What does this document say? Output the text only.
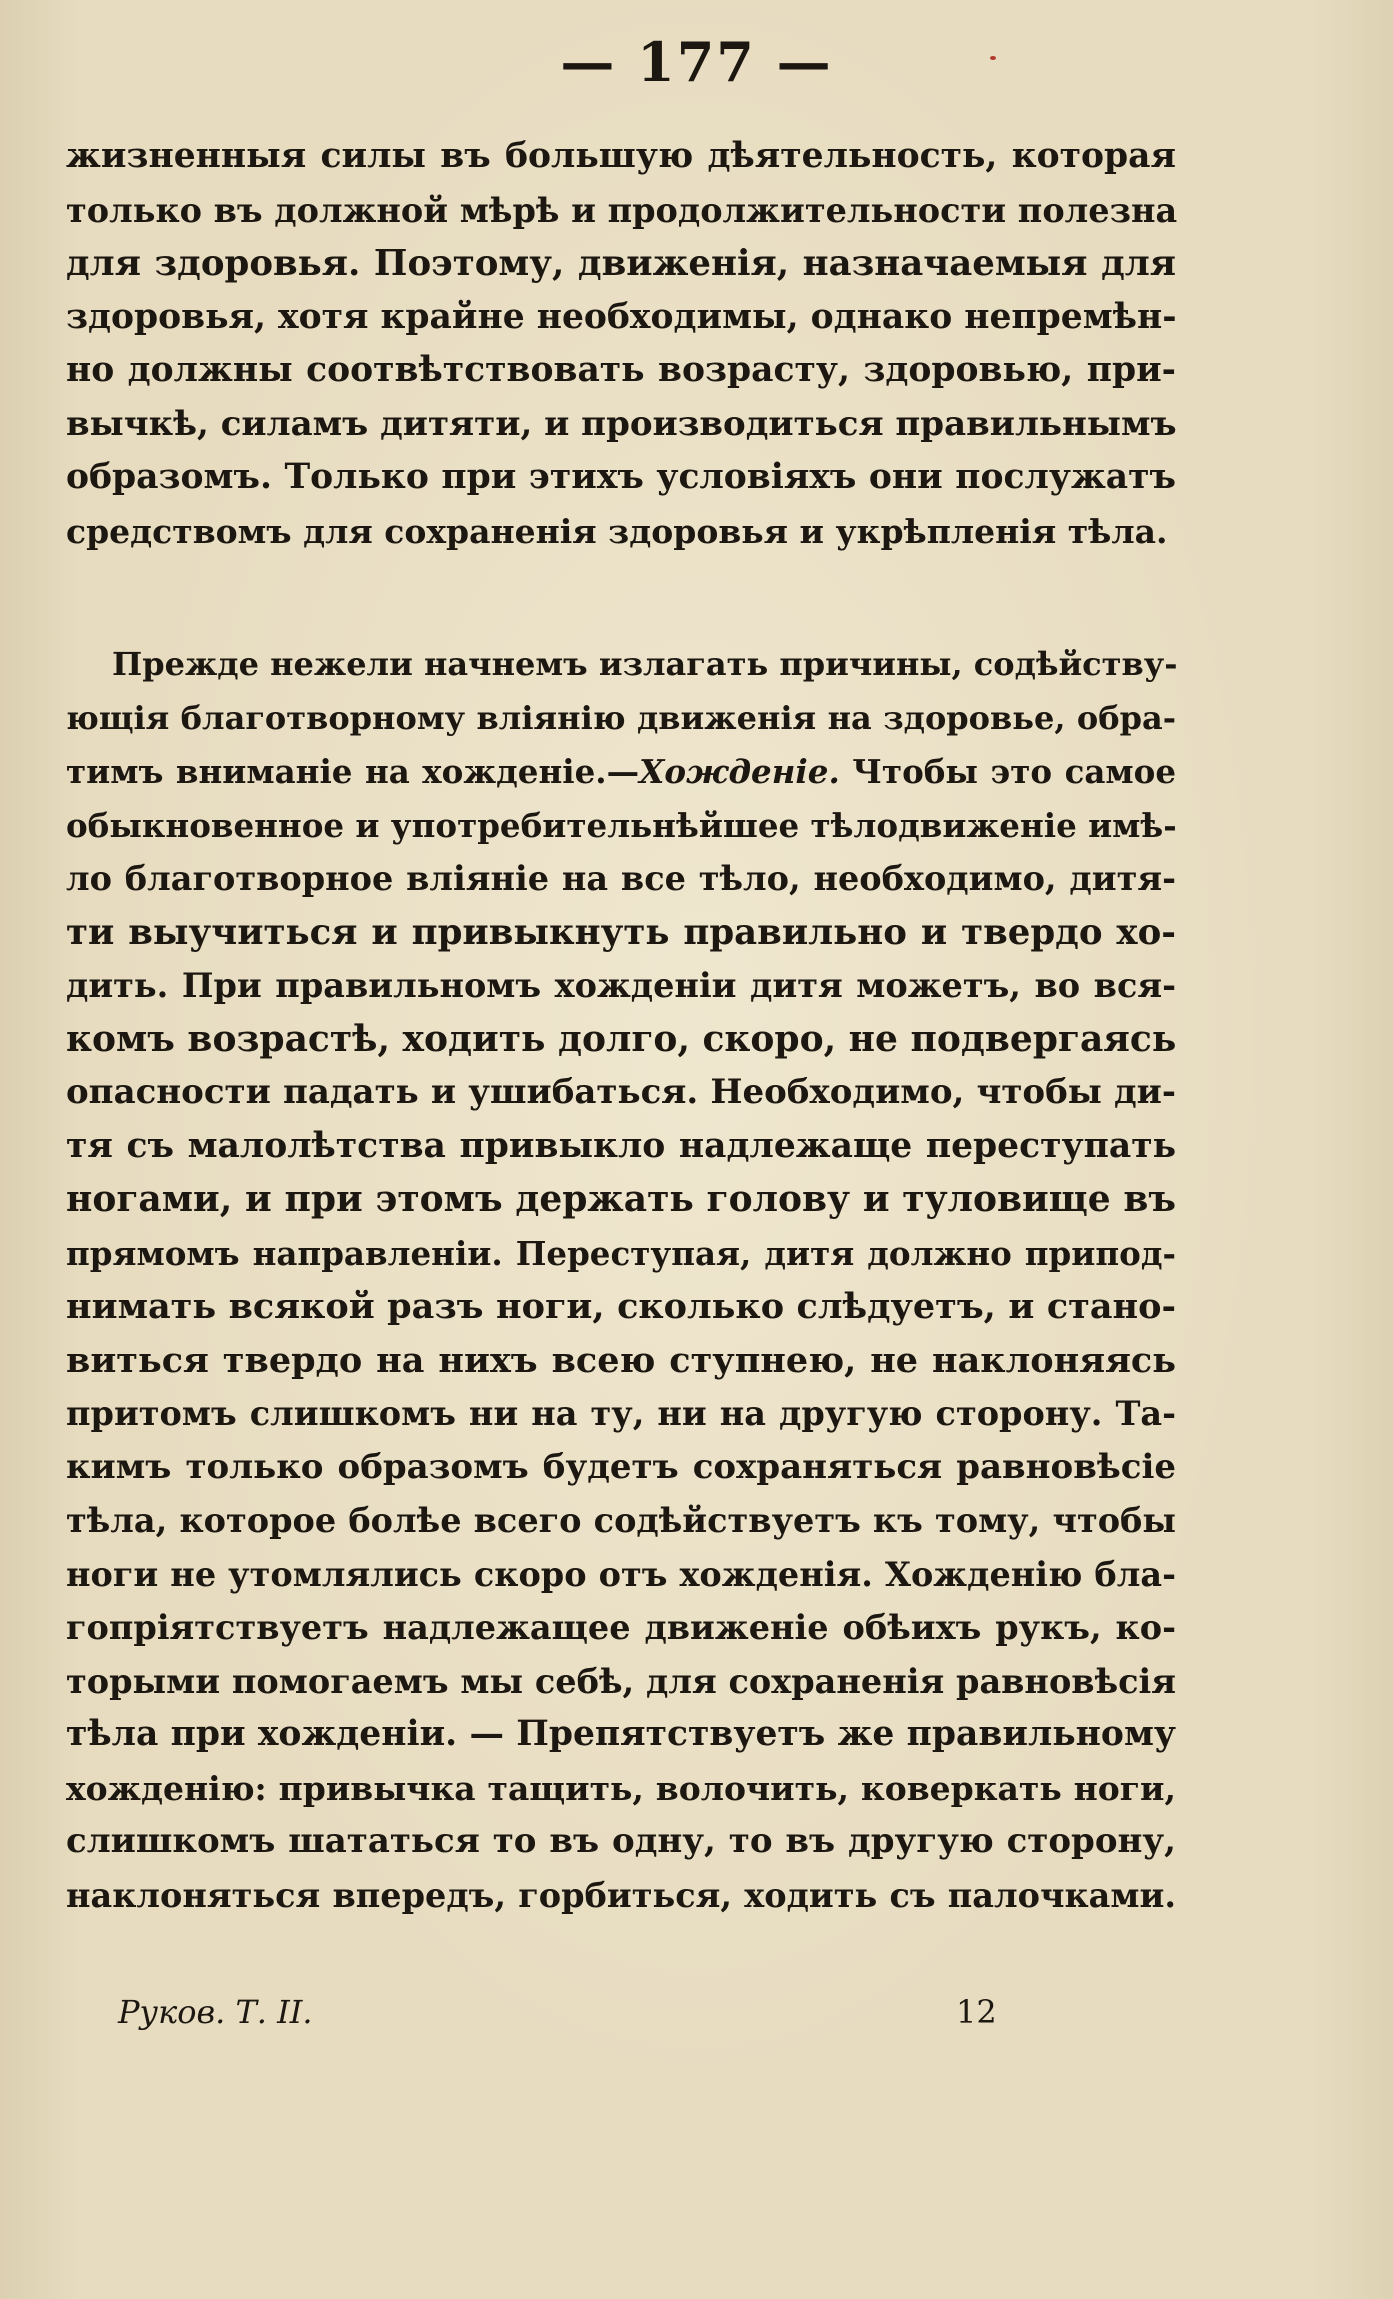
— 177 —
жизненныя силы въ большую дѣятельность, которая
только въ должной мѣрѣ и продолжительности полезна
для здоровья. Поэтому, движенія, назначаемыя для
здоровья, хотя крайне необходимы, однако непремѣн-
но должны соотвѣтствовать возрасту, здоровью, при-
вычкѣ, силамъ дитяти, и производиться правильнымъ
образомъ. Только при этихъ условіяхъ они послужатъ
средствомъ для сохраненія здоровья и укрѣпленія тѣла.
Прежде нежели начнемъ излагать причины, содѣйству-
ющія благотворному вліянію движенія на здоровье, обра-
тимъ вниманіе на хожденіе.—Хожденіе. Чтобы это самое
обыкновенное и употребительнѣйшее тѣлодвиженіе имѣ-
ло благотворное вліяніе на все тѣло, необходимо, дитя-
ти выучиться и привыкнуть правильно и твердо хо-
дить. При правильномъ хожденіи дитя можетъ, во вся-
комъ возрастѣ, ходить долго, скоро, не подвергаясь
опасности падать и ушибаться. Необходимо, чтобы ди-
тя съ малолѣтства привыкло надлежаще переступать
ногами, и при этомъ держать голову и туловище въ
прямомъ направленіи. Переступая, дитя должно припод-
нимать всякой разъ ноги, сколько слѣдуетъ, и стано-
виться твердо на нихъ всею ступнею, не наклоняясь
притомъ слишкомъ ни на ту, ни на другую сторону. Та-
кимъ только образомъ будетъ сохраняться равновѣсіе
тѣла, которое болѣе всего содѣйствуетъ къ тому, чтобы
ноги не утомлялись скоро отъ хожденія. Хожденію бла-
гопріятствуетъ надлежащее движеніе обѣихъ рукъ, ко-
торыми помогаемъ мы себѣ, для сохраненія равновѣсія
тѣла при хожденіи. — Препятствуетъ же правильному
хожденію: привычка тащить, волочить, коверкать ноги,
слишкомъ шататься то въ одну, то въ другую сторону,
наклоняться впередъ, горбиться, ходить съ палочками.
Руков. Т. II.	12
